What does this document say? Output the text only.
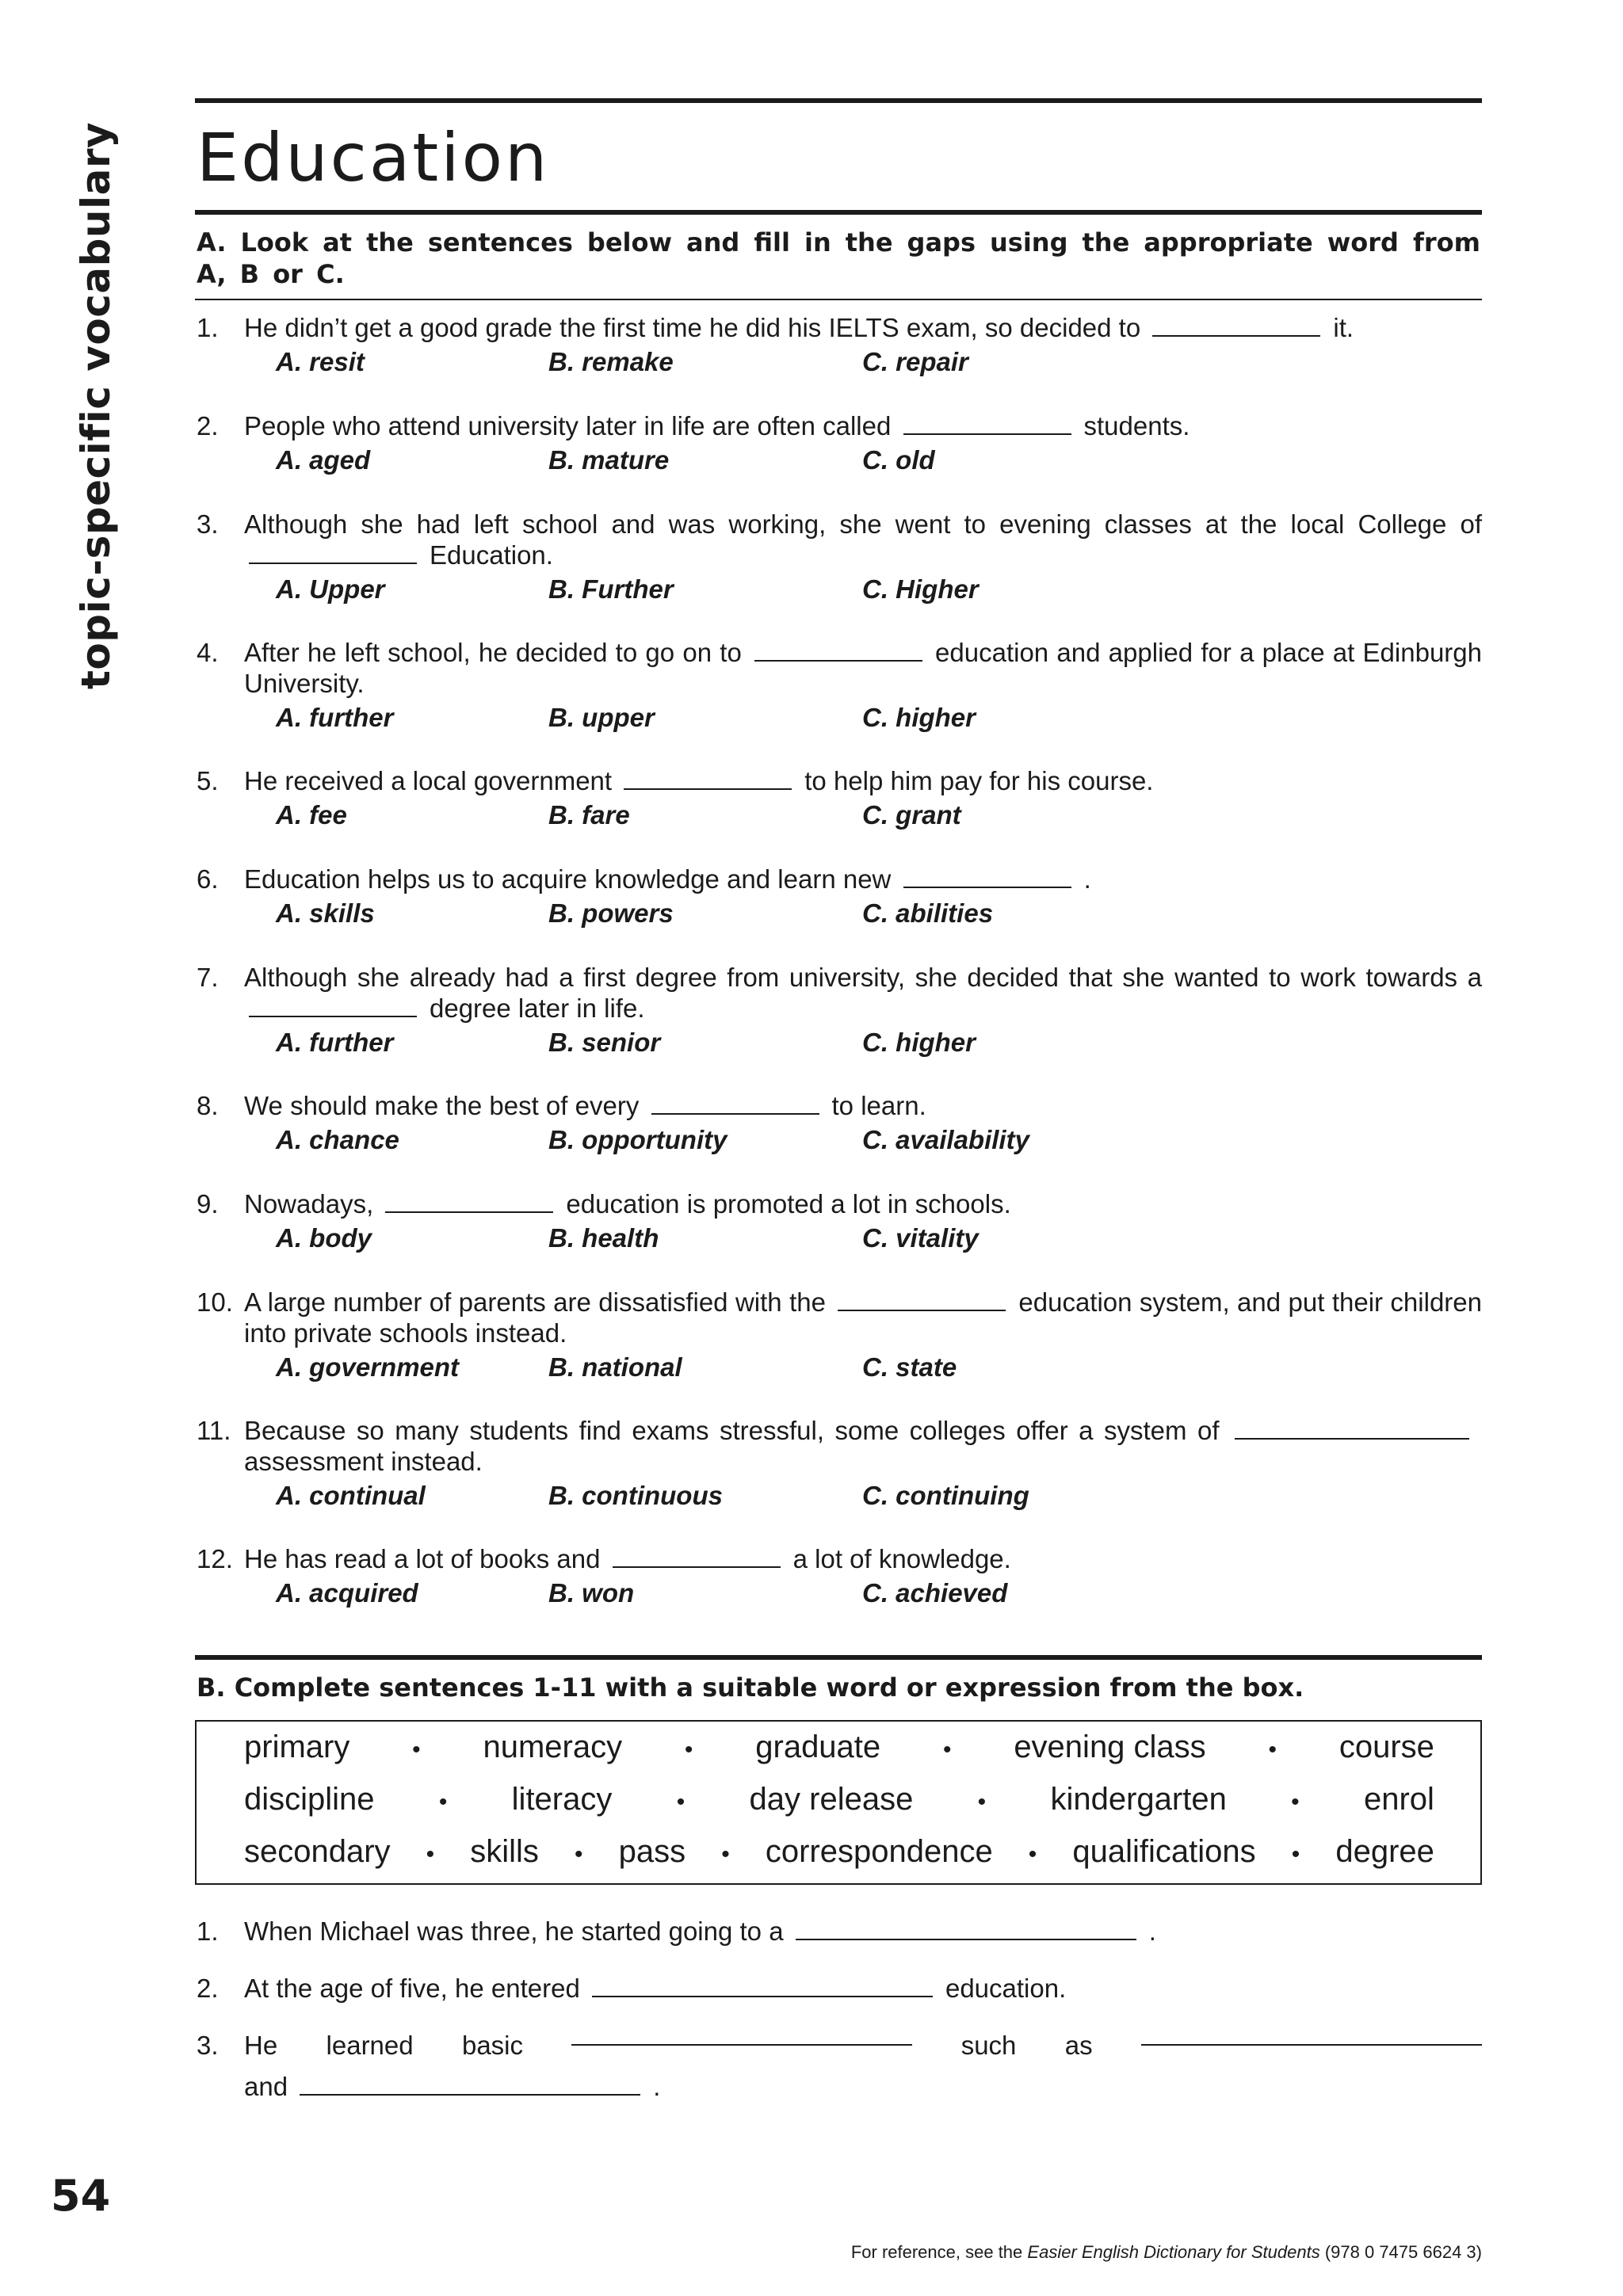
topic-specific vocabulary
54
Education
A. Look at the sentences below and fill in the gaps using the appropriate word from A, B or C.
1. He didn’t get a good grade the first time he did his IELTS exam, so decided to	it.
A. resit	B. remake	C. repair
2. People who attend university later in life are often called	students.
A. aged	B. mature	C. old
3. Although she had left school and was working, she went to evening classes at the local College of Education.
A. Upper	B. Further	C. Higher
4. After he left school, he decided to go on to	education and applied for a place at Edinburgh University.
A. further	B. upper	C. higher
5. He received a local government	to help him pay for his course.
A. fee	B. fare	C. grant
6. Education helps us to acquire knowledge and learn new	.
A. skills	B. powers	C. abilities
7. Although she already had a first degree from university, she decided that she wanted to work towards a degree later in life.
A. further	B. senior	C. higher
8. We should make the best of every	to learn.
A. chance	B. opportunity	C. availability
9. Nowadays,	education is promoted a lot in schools.
A. body	B. health	C. vitality
10. A large number of parents are dissatisfied with the	education system, and put their children into private schools instead.
A. government	B. national	C. state
11. Because so many students find exams stressful, some colleges offer a system of assessment instead.
A. continual	B. continuous	C. continuing
12. He has read a lot of books and	a lot of knowledge.
A. acquired	B. won	C. achieved
B. Complete sentences 1-11 with a suitable word or expression from the box.
primary	• numeracy	• graduate	• evening class	• course
discipline	• literacy	• day release	• kindergarten	• enrol
secondary • skills • pass • correspondence • qualifications • degree
1. When Michael was three, he started going to a	.
2. At the age of five, he entered	education.
3. He learned basic	such as
and	.
For reference, see the Easier English Dictionary for Students (978 0 7475 6624 3)
